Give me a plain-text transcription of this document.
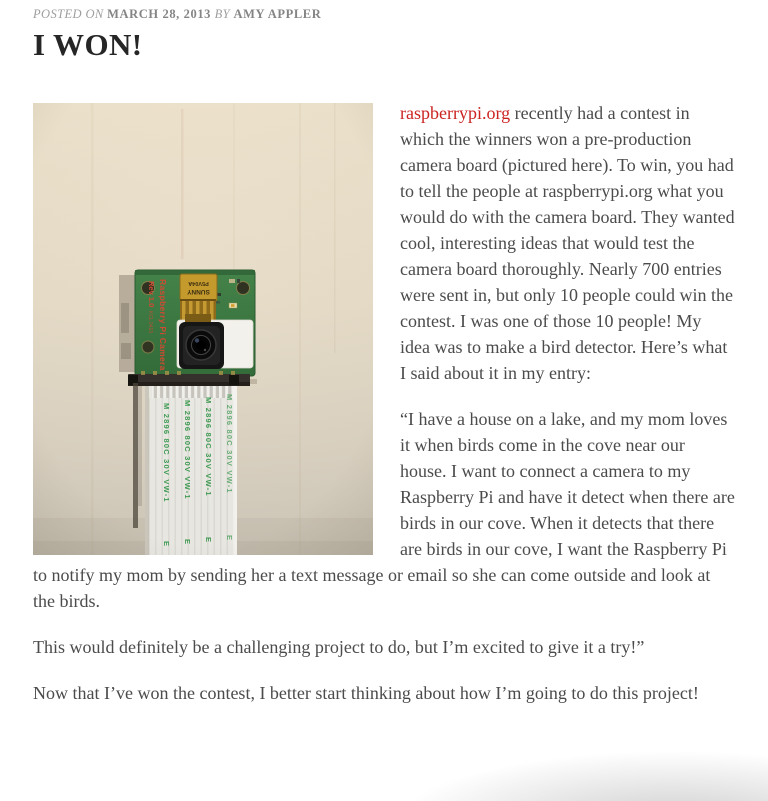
POSTED ON MARCH 28, 2013 BY AMY APPLER
I WON!

raspberrypi.org recently had a contest in which the winners won a pre-production camera board (pictured here). To win, you had to tell the people at raspberrypi.org what you would do with the camera board. They wanted cool, interesting ideas that would test the camera board thoroughly. Nearly 700 entries were sent in, but only 10 people could win the contest. I was one of those 10 people! My idea was to make a bird detector. Here’s what I said about it in my entry:

“I have a house on a lake, and my mom loves it when birds come in the cove near our house. I want to connect a camera to my Raspberry Pi and have it detect when there are birds in our cove. When it detects that there are birds in our cove, I want the Raspberry Pi to notify my mom by sending her a text message or email so she can come outside and look at the birds.

This would definitely be a challenging project to do, but I’m excited to give it a try!”

Now that I’ve won the contest, I better start thinking about how I’m going to do this project!
